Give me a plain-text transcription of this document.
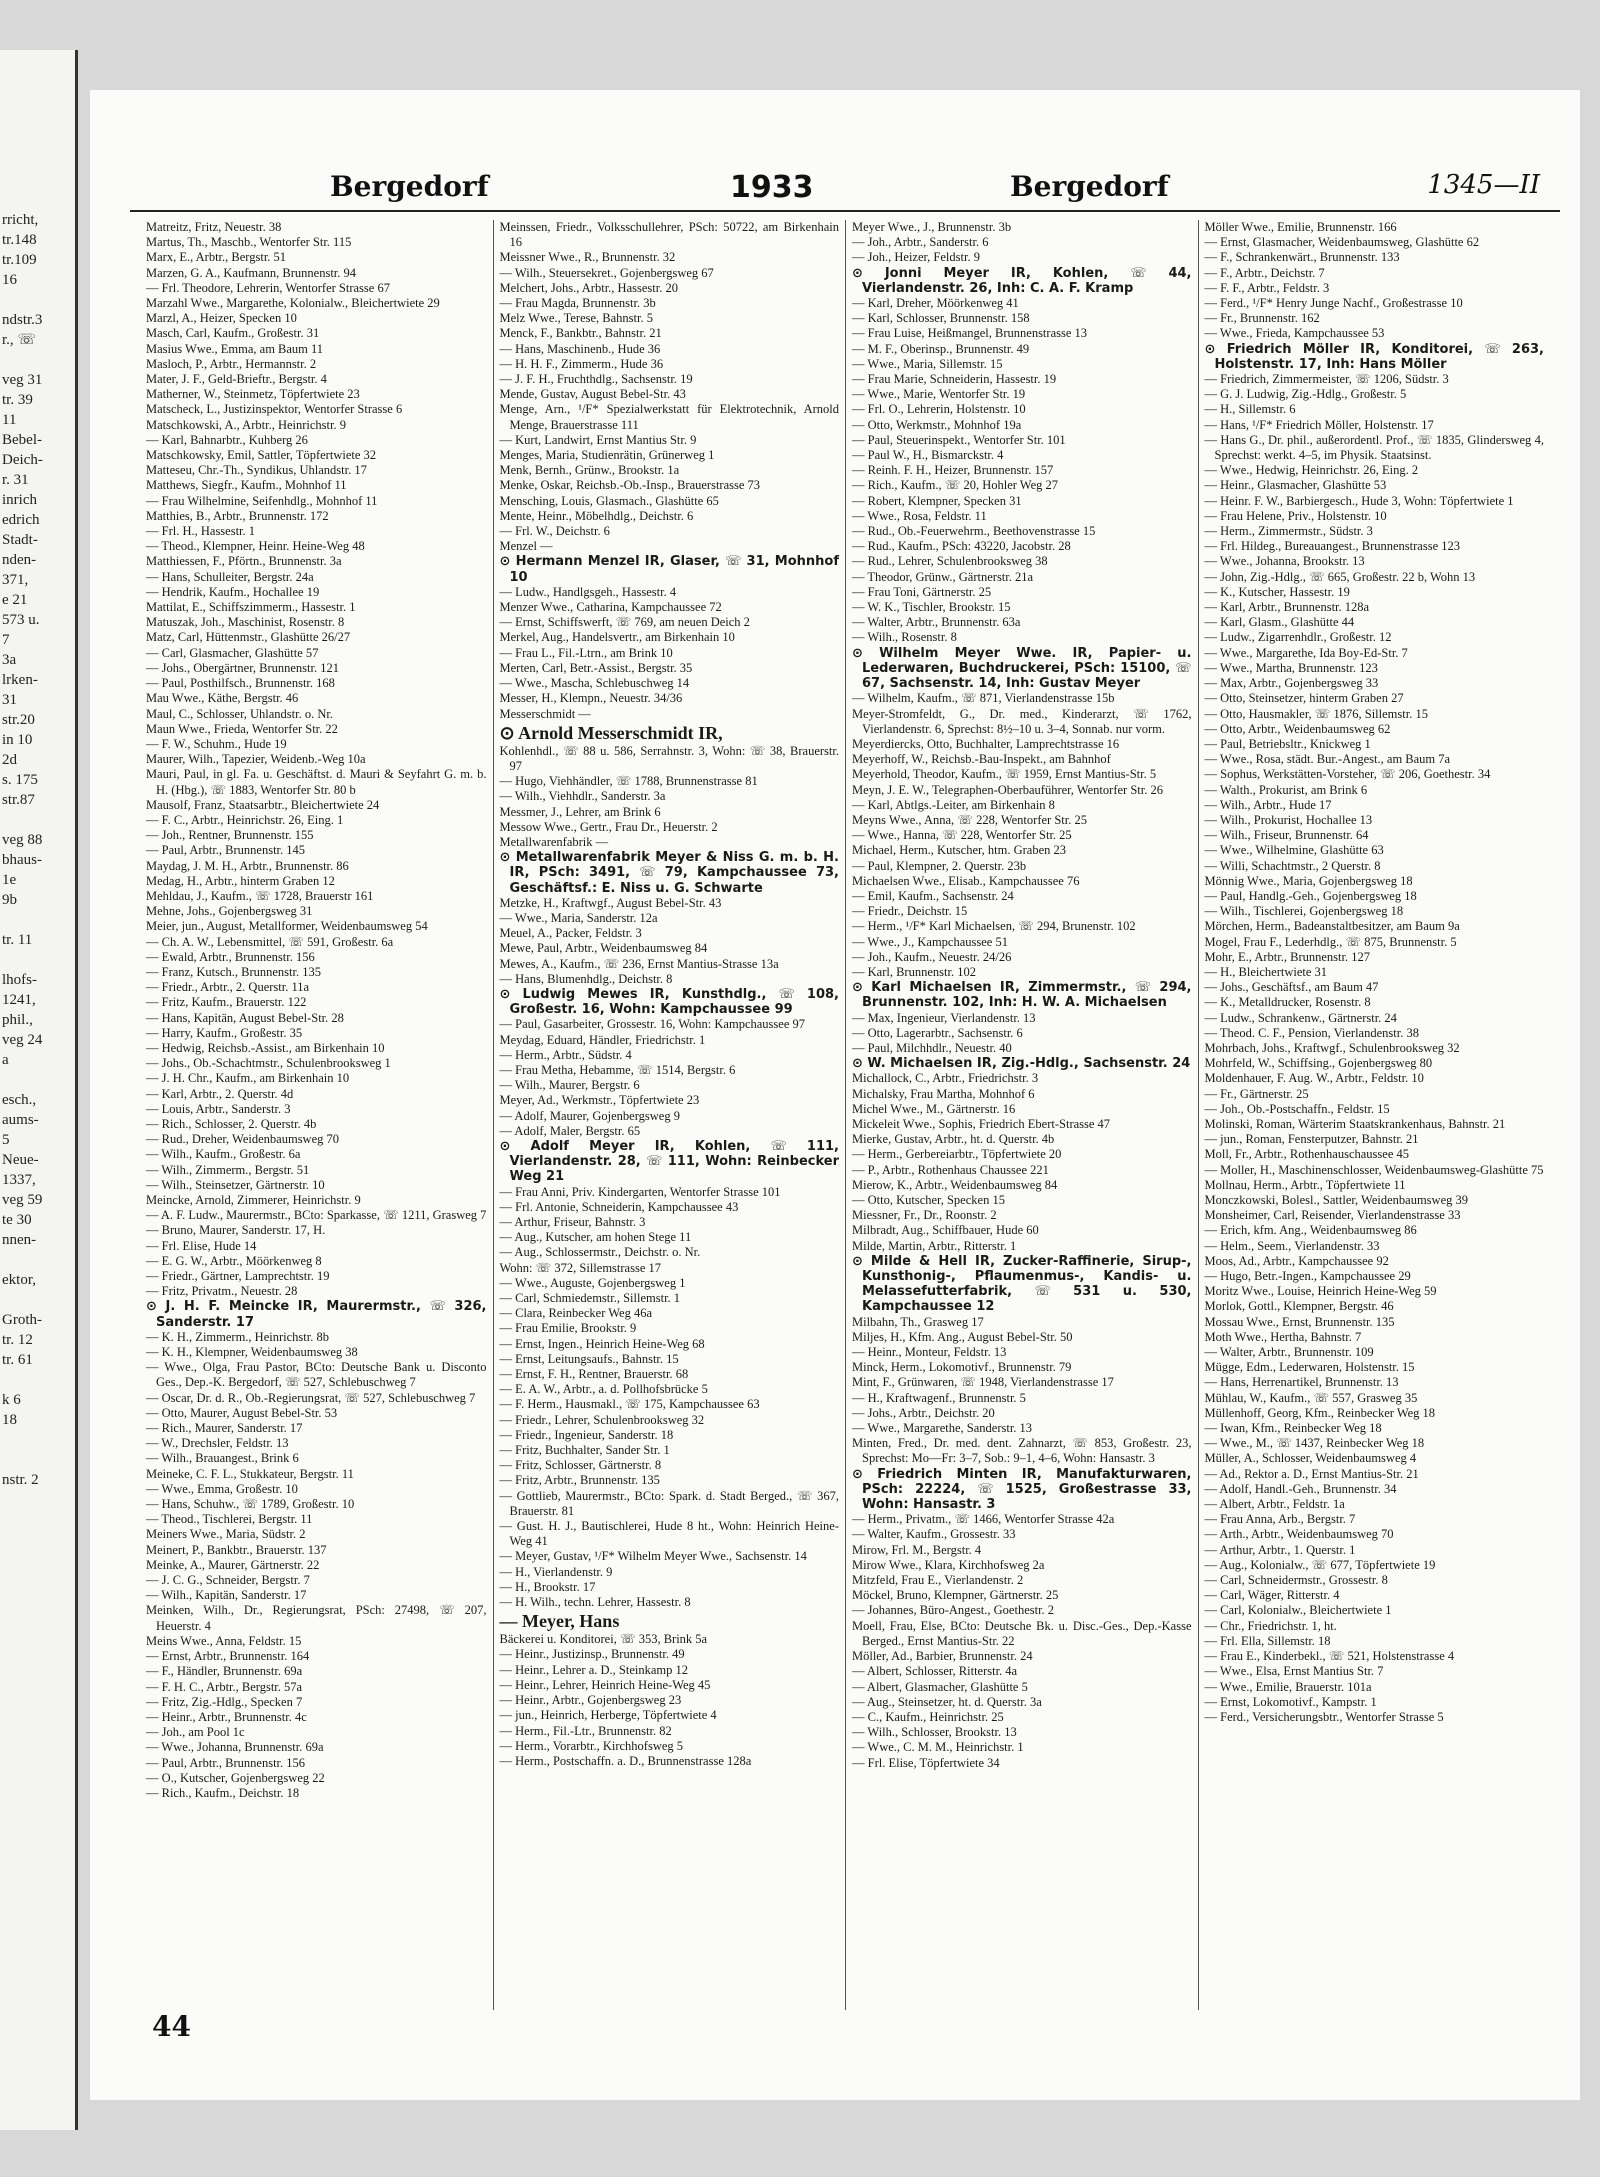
rricht,
tr.148
tr.109
16

ndstr.3
r., ☏

veg 31
tr. 39
11
Bebel-
Deich-
r. 31
inrich
edrich
Stadt-
nden-
371,
e 21
573 u.
7
3a
lrken-
31
str.20
in 10
2d
s. 175
str.87

veg 88
bhaus-
1e
9b

tr. 11

lhofs-
1241,
phil.,
veg 24
a

esch.,
aums-
5
Neue-
1337,
veg 59
te 30
nnen-

ektor,

Groth-
tr. 12
tr. 61

k 6
18

nstr. 2
Bergedorf	1933	Bergedorf	1345—II

Matreitz, Fritz, Neuestr. 38

Martus, Th., Maschb., Wentorfer Str. 115

Marx, E., Arbtr., Bergstr. 51

Marzen, G. A., Kaufmann, Brunnenstr. 94

— Frl. Theodore, Lehrerin, Wentorfer Strasse 67

Marzahl Wwe., Margarethe, Kolonialw., Bleichertwiete 29

Marzl, A., Heizer, Specken 10

Masch, Carl, Kaufm., Großestr. 31

Masius Wwe., Emma, am Baum 11

Masloch, P., Arbtr., Hermannstr. 2

Mater, J. F., Geld-Brieftr., Bergstr. 4

Matherner, W., Steinmetz, Töpfertwiete 23

Matscheck, L., Justizinspektor, Wentorfer Strasse 6

Matschkowski, A., Arbtr., Heinrichstr. 9

— Karl, Bahnarbtr., Kuhberg 26

Matschkowsky, Emil, Sattler, Töpfertwiete 32

Matteseu, Chr.-Th., Syndikus, Uhlandstr. 17

Matthews, Siegfr., Kaufm., Mohnhof 11

— Frau Wilhelmine, Seifenhdlg., Mohnhof 11

Matthies, B., Arbtr., Brunnenstr. 172

— Frl. H., Hassestr. 1

— Theod., Klempner, Heinr. Heine-Weg 48

Matthiessen, F., Pförtn., Brunnenstr. 3a

— Hans, Schulleiter, Bergstr. 24a

— Hendrik, Kaufm., Hochallee 19

Mattilat, E., Schiffszimmerm., Hassestr. 1

Matuszak, Joh., Maschinist, Rosenstr. 8

Matz, Carl, Hüttenmstr., Glashütte 26/27

— Carl, Glasmacher, Glashütte 57

— Johs., Obergärtner, Brunnenstr. 121

— Paul, Posthilfsch., Brunnenstr. 168

Mau Wwe., Käthe, Bergstr. 46

Maul, C., Schlosser, Uhlandstr. o. Nr.

Maun Wwe., Frieda, Wentorfer Str. 22

— F. W., Schuhm., Hude 19

Maurer, Wilh., Tapezier, Weidenb.-Weg 10a

Mauri, Paul, in gl. Fa. u. Geschäftst. d. Mauri & Seyfahrt G. m. b. H. (Hbg.), ☏ 1883, Wentorfer Str. 80 b

Mausolf, Franz, Staatsarbtr., Bleichertwiete 24

— F. C., Arbtr., Heinrichstr. 26, Eing. 1

— Joh., Rentner, Brunnenstr. 155

— Paul, Arbtr., Brunnenstr. 145

Maydag, J. M. H., Arbtr., Brunnenstr. 86

Medag, H., Arbtr., hinterm Graben 12

Mehldau, J., Kaufm., ☏ 1728, Brauerstr 161

Mehne, Johs., Gojenbergsweg 31

Meier, jun., August, Metallformer, Weidenbaumsweg 54

— Ch. A. W., Lebensmittel, ☏ 591, Großestr. 6a

— Ewald, Arbtr., Brunnenstr. 156

— Franz, Kutsch., Brunnenstr. 135

— Friedr., Arbtr., 2. Querstr. 11a

— Fritz, Kaufm., Brauerstr. 122

— Hans, Kapitän, August Bebel-Str. 28

— Harry, Kaufm., Großestr. 35

— Hedwig, Reichsb.-Assist., am Birkenhain 10

— Johs., Ob.-Schachtmstr., Schulenbrooksweg 1

— J. H. Chr., Kaufm., am Birkenhain 10

— Karl, Arbtr., 2. Querstr. 4d

— Louis, Arbtr., Sanderstr. 3

— Rich., Schlosser, 2. Querstr. 4b

— Rud., Dreher, Weidenbaumsweg 70

— Wilh., Kaufm., Großestr. 6a

— Wilh., Zimmerm., Bergstr. 51

— Wilh., Steinsetzer, Gärtnerstr. 10

Meincke, Arnold, Zimmerer, Heinrichstr. 9

— A. F. Ludw., Maurermstr., BCto: Sparkasse, ☏ 1211, Grasweg 7

— Bruno, Maurer, Sanderstr. 17, H.

— Frl. Elise, Hude 14

— E. G. W., Arbtr., Möörkenweg 8

— Friedr., Gärtner, Lamprechtstr. 19

— Fritz, Privatm., Neuestr. 28

⊙ J. H. F. Meincke IR, Maurermstr., ☏ 326, Sanderstr. 17

— K. H., Zimmerm., Heinrichstr. 8b

— K. H., Klempner, Weidenbaumsweg 38

— Wwe., Olga, Frau Pastor, BCto: Deutsche Bank u. Disconto Ges., Dep.-K. Bergedorf, ☏ 527, Schlebuschweg 7

— Oscar, Dr. d. R., Ob.-Regierungsrat, ☏ 527, Schlebuschweg 7

— Otto, Maurer, August Bebel-Str. 53

— Rich., Maurer, Sanderstr. 17

— W., Drechsler, Feldstr. 13

— Wilh., Brauangest., Brink 6

Meineke, C. F. L., Stukkateur, Bergstr. 11

— Wwe., Emma, Großestr. 10

— Hans, Schuhw., ☏ 1789, Großestr. 10

— Theod., Tischlerei, Bergstr. 11

Meiners Wwe., Maria, Südstr. 2

Meinert, P., Bankbtr., Brauerstr. 137

Meinke, A., Maurer, Gärtnerstr. 22

— J. C. G., Schneider, Bergstr. 7

— Wilh., Kapitän, Sanderstr. 17

Meinken, Wilh., Dr., Regierungsrat, PSch: 27498, ☏ 207, Heuerstr. 4

Meins Wwe., Anna, Feldstr. 15

— Ernst, Arbtr., Brunnenstr. 164

— F., Händler, Brunnenstr. 69a

— F. H. C., Arbtr., Bergstr. 57a

— Fritz, Zig.-Hdlg., Specken 7

— Heinr., Arbtr., Brunnenstr. 4c

— Joh., am Pool 1c

— Wwe., Johanna, Brunnenstr. 69a

— Paul, Arbtr., Brunnenstr. 156

— O., Kutscher, Gojenbergsweg 22

— Rich., Kaufm., Deichstr. 18

Meinssen, Friedr., Volksschullehrer, PSch: 50722, am Birkenhain 16

Meissner Wwe., R., Brunnenstr. 32

— Wilh., Steuersekret., Gojenbergsweg 67

Melchert, Johs., Arbtr., Hassestr. 20

— Frau Magda, Brunnenstr. 3b

Melz Wwe., Terese, Bahnstr. 5

Menck, F., Bankbtr., Bahnstr. 21

— Hans, Maschinenb., Hude 36

— H. H. F., Zimmerm., Hude 36

— J. F. H., Fruchthdlg., Sachsenstr. 19

Mende, Gustav, August Bebel-Str. 43

Menge, Arn., ¹/F* Spezialwerkstatt für Elektrotechnik, Arnold Menge, Brauerstrasse 111

— Kurt, Landwirt, Ernst Mantius Str. 9

Menges, Maria, Studienrätin, Grünerweg 1

Menk, Bernh., Grünw., Brookstr. 1a

Menke, Oskar, Reichsb.-Ob.-Insp., Brauerstrasse 73

Mensching, Louis, Glasmach., Glashütte 65

Mente, Heinr., Möbelhdlg., Deichstr. 6

— Frl. W., Deichstr. 6

Menzel —

⊙ Hermann Menzel IR, Glaser, ☏ 31, Mohnhof 10

— Ludw., Handlgsgeh., Hassestr. 4

Menzer Wwe., Catharina, Kampchaussee 72

— Ernst, Schiffswerft, ☏ 769, am neuen Deich 2

Merkel, Aug., Handelsvertr., am Birkenhain 10

— Frau L., Fil.-Ltrn., am Brink 10

Merten, Carl, Betr.-Assist., Bergstr. 35

— Wwe., Mascha, Schlebuschweg 14

Messer, H., Klempn., Neuestr. 34/36

Messerschmidt —

⊙ Arnold Messerschmidt IR,

Kohlenhdl., ☏ 88 u. 586, Serrahnstr. 3, Wohn: ☏ 38, Brauerstr. 97

— Hugo, Viehhändler, ☏ 1788, Brunnenstrasse 81

— Wilh., Viehhdlr., Sanderstr. 3a

Messmer, J., Lehrer, am Brink 6

Messow Wwe., Gertr., Frau Dr., Heuerstr. 2

Metallwarenfabrik —

⊙ Metallwarenfabrik Meyer & Niss G. m. b. H. IR, PSch: 3491, ☏ 79, Kampchaussee 73, Geschäftsf.: E. Niss u. G. Schwarte

Metzke, H., Kraftwgf., August Bebel-Str. 43

— Wwe., Maria, Sanderstr. 12a

Meuel, A., Packer, Feldstr. 3

Mewe, Paul, Arbtr., Weidenbaumsweg 84

Mewes, A., Kaufm., ☏ 236, Ernst Mantius-Strasse 13a

— Hans, Blumenhdlg., Deichstr. 8

⊙ Ludwig Mewes IR, Kunsthdlg., ☏ 108, Großestr. 16, Wohn: Kampchaussee 99

— Paul, Gasarbeiter, Grossestr. 16, Wohn: Kampchaussee 97

Meydag, Eduard, Händler, Friedrichstr. 1

— Herm., Arbtr., Südstr. 4

— Frau Metha, Hebamme, ☏ 1514, Bergstr. 6

— Wilh., Maurer, Bergstr. 6

Meyer, Ad., Werkmstr., Töpfertwiete 23

— Adolf, Maurer, Gojenbergsweg 9

— Adolf, Maler, Bergstr. 65

⊙ Adolf Meyer IR, Kohlen, ☏ 111, Vierlandenstr. 28, ☏ 111, Wohn: Reinbecker Weg 21

— Frau Anni, Priv. Kindergarten, Wentorfer Strasse 101

— Frl. Antonie, Schneiderin, Kampchaussee 43

— Arthur, Friseur, Bahnstr. 3

— Aug., Kutscher, am hohen Stege 11

— Aug., Schlossermstr., Deichstr. o. Nr.

Wohn: ☏ 372, Sillemstrasse 17

— Wwe., Auguste, Gojenbergsweg 1

— Carl, Schmiedemstr., Sillemstr. 1

— Clara, Reinbecker Weg 46a

— Frau Emilie, Brookstr. 9

— Ernst, Ingen., Heinrich Heine-Weg 68

— Ernst, Leitungsaufs., Bahnstr. 15

— Ernst, F. H., Rentner, Brauerstr. 68

— E. A. W., Arbtr., a. d. Pollhofsbrücke 5

— F. Herm., Hausmakl., ☏ 175, Kampchaussee 63

— Friedr., Lehrer, Schulenbrooksweg 32

— Friedr., Ingenieur, Sanderstr. 18

— Fritz, Buchhalter, Sander Str. 1

— Fritz, Schlosser, Gärtnerstr. 8

— Fritz, Arbtr., Brunnenstr. 135

— Gottlieb, Maurermstr., BCto: Spark. d. Stadt Berged., ☏ 367, Brauerstr. 81

— Gust. H. J., Bautischlerei, Hude 8 ht., Wohn: Heinrich Heine-Weg 41

— Meyer, Gustav, ¹/F* Wilhelm Meyer Wwe., Sachsenstr. 14

— H., Vierlandenstr. 9

— H., Brookstr. 17

— H. Wilh., techn. Lehrer, Hassestr. 8

— Meyer, Hans

Bäckerei u. Konditorei, ☏ 353, Brink 5a

— Heinr., Justizinsp., Brunnenstr. 49

— Heinr., Lehrer a. D., Steinkamp 12

— Heinr., Lehrer, Heinrich Heine-Weg 45

— Heinr., Arbtr., Gojenbergsweg 23

— jun., Heinrich, Herberge, Töpfertwiete 4

— Herm., Fil.-Ltr., Brunnenstr. 82

— Herm., Vorarbtr., Kirchhofsweg 5

— Herm., Postschaffn. a. D., Brunnenstrasse 128a

Meyer Wwe., J., Brunnenstr. 3b

— Joh., Arbtr., Sanderstr. 6

— Joh., Heizer, Feldstr. 9

⊙ Jonni Meyer IR, Kohlen, ☏ 44, Vierlandenstr. 26, Inh: C. A. F. Kramp

— Karl, Dreher, Möörkenweg 41

— Karl, Schlosser, Brunnenstr. 158

— Frau Luise, Heißmangel, Brunnenstrasse 13

— M. F., Oberinsp., Brunnenstr. 49

— Wwe., Maria, Sillemstr. 15

— Frau Marie, Schneiderin, Hassestr. 19

— Wwe., Marie, Wentorfer Str. 19

— Frl. O., Lehrerin, Holstenstr. 10

— Otto, Werkmstr., Mohnhof 19a

— Paul, Steuerinspekt., Wentorfer Str. 101

— Paul W., H., Bismarckstr. 4

— Reinh. F. H., Heizer, Brunnenstr. 157

— Rich., Kaufm., ☏ 20, Hohler Weg 27

— Robert, Klempner, Specken 31

— Wwe., Rosa, Feldstr. 11

— Rud., Ob.-Feuerwehrm., Beethovenstrasse 15

— Rud., Kaufm., PSch: 43220, Jacobstr. 28

— Rud., Lehrer, Schulenbrooksweg 38

— Theodor, Grünw., Gärtnerstr. 21a

— Frau Toni, Gärtnerstr. 25

— W. K., Tischler, Brookstr. 15

— Walter, Arbtr., Brunnenstr. 63a

— Wilh., Rosenstr. 8

⊙ Wilhelm Meyer Wwe. IR, Papier- u. Lederwaren, Buchdruckerei, PSch: 15100, ☏ 67, Sachsenstr. 14, Inh: Gustav Meyer

— Wilhelm, Kaufm., ☏ 871, Vierlandenstrasse 15b

Meyer-Stromfeldt, G., Dr. med., Kinderarzt, ☏ 1762, Vierlandenstr. 6, Sprechst: 8½–10 u. 3–4, Sonnab. nur vorm.

Meyerdiercks, Otto, Buchhalter, Lamprechtstrasse 16

Meyerhoff, W., Reichsb.-Bau-Inspekt., am Bahnhof

Meyerhold, Theodor, Kaufm., ☏ 1959, Ernst Mantius-Str. 5

Meyn, J. E. W., Telegraphen-Oberbauführer, Wentorfer Str. 26

— Karl, Abtlgs.-Leiter, am Birkenhain 8

Meyns Wwe., Anna, ☏ 228, Wentorfer Str. 25

— Wwe., Hanna, ☏ 228, Wentorfer Str. 25

Michael, Herm., Kutscher, htm. Graben 23

— Paul, Klempner, 2. Querstr. 23b

Michaelsen Wwe., Elisab., Kampchaussee 76

— Emil, Kaufm., Sachsenstr. 24

— Friedr., Deichstr. 15

— Herm., ¹/F* Karl Michaelsen, ☏ 294, Brunenstr. 102

— Wwe., J., Kampchaussee 51

— Joh., Kaufm., Neuestr. 24/26

— Karl, Brunnenstr. 102

⊙ Karl Michaelsen IR, Zimmermstr., ☏ 294, Brunnenstr. 102, Inh: H. W. A. Michaelsen

— Max, Ingenieur, Vierlandenstr. 13

— Otto, Lagerarbtr., Sachsenstr. 6

— Paul, Milchhdlr., Neuestr. 40

⊙ W. Michaelsen IR, Zig.-Hdlg., Sachsenstr. 24

Michallock, C., Arbtr., Friedrichstr. 3

Michalsky, Frau Martha, Mohnhof 6

Michel Wwe., M., Gärtnerstr. 16

Mickeleit Wwe., Sophis, Friedrich Ebert-Strasse 47

Mierke, Gustav, Arbtr., ht. d. Querstr. 4b

— Herm., Gerbereiarbtr., Töpfertwiete 20

— P., Arbtr., Rothenhaus Chaussee 221

Mierow, K., Arbtr., Weidenbaumsweg 84

— Otto, Kutscher, Specken 15

Miessner, Fr., Dr., Roonstr. 2

Milbradt, Aug., Schiffbauer, Hude 60

Milde, Martin, Arbtr., Ritterstr. 1

⊙ Milde & Hell IR, Zucker-Raffinerie, Sirup-, Kunsthonig-, Pflaumenmus-, Kandis- u. Melassefutterfabrik, ☏ 531 u. 530, Kampchaussee 12

Milbahn, Th., Grasweg 17

Miljes, H., Kfm. Ang., August Bebel-Str. 50

— Heinr., Monteur, Feldstr. 13

Minck, Herm., Lokomotivf., Brunnenstr. 79

Mint, F., Grünwaren, ☏ 1948, Vierlandenstrasse 17

— H., Kraftwagenf., Brunnenstr. 5

— Johs., Arbtr., Deichstr. 20

— Wwe., Margarethe, Sanderstr. 13

Minten, Fred., Dr. med. dent. Zahnarzt, ☏ 853, Großestr. 23, Sprechst: Mo—Fr: 3–7, Sob.: 9–1, 4–6, Wohn: Hansastr. 3

⊙ Friedrich Minten IR, Manufakturwaren, PSch: 22224, ☏ 1525, Großestrasse 33, Wohn: Hansastr. 3

— Herm., Privatm., ☏ 1466, Wentorfer Strasse 42a

— Walter, Kaufm., Grossestr. 33

Mirow, Frl. M., Bergstr. 4

Mirow Wwe., Klara, Kirchhofsweg 2a

Mitzfeld, Frau E., Vierlandenstr. 2

Möckel, Bruno, Klempner, Gärtnerstr. 25

— Johannes, Büro-Angest., Goethestr. 2

Moell, Frau, Else, BCto: Deutsche Bk. u. Disc.-Ges., Dep.-Kasse Berged., Ernst Mantius-Str. 22

Möller, Ad., Barbier, Brunnenstr. 24

— Albert, Schlosser, Ritterstr. 4a

— Albert, Glasmacher, Glashütte 5

— Aug., Steinsetzer, ht. d. Querstr. 3a

— C., Kaufm., Heinrichstr. 25

— Wilh., Schlosser, Brookstr. 13

— Wwe., C. M. M., Heinrichstr. 1

— Frl. Elise, Töpfertwiete 34

Möller Wwe., Emilie, Brunnenstr. 166

— Ernst, Glasmacher, Weidenbaumsweg, Glashütte 62

— F., Schrankenwärt., Brunnenstr. 133

— F., Arbtr., Deichstr. 7

— F. F., Arbtr., Feldstr. 3

— Ferd., ¹/F* Henry Junge Nachf., Großestrasse 10

— Fr., Brunnenstr. 162

— Wwe., Frieda, Kampchaussee 53

⊙ Friedrich Möller IR, Konditorei, ☏ 263, Holstenstr. 17, Inh: Hans Möller

— Friedrich, Zimmermeister, ☏ 1206, Südstr. 3

— G. J. Ludwig, Zig.-Hdlg., Großestr. 5

— H., Sillemstr. 6

— Hans, ¹/F* Friedrich Möller, Holstenstr. 17

— Hans G., Dr. phil., außerordentl. Prof., ☏ 1835, Glindersweg 4, Sprechst: werkt. 4–5, im Physik. Staatsinst.

— Wwe., Hedwig, Heinrichstr. 26, Eing. 2

— Heinr., Glasmacher, Glashütte 53

— Heinr. F. W., Barbiergesch., Hude 3, Wohn: Töpfertwiete 1

— Frau Helene, Priv., Holstenstr. 10

— Herm., Zimmermstr., Südstr. 3

— Frl. Hildeg., Bureauangest., Brunnenstrasse 123

— Wwe., Johanna, Brookstr. 13

— John, Zig.-Hdlg., ☏ 665, Großestr. 22 b, Wohn 13

— K., Kutscher, Hassestr. 19

— Karl, Arbtr., Brunnenstr. 128a

— Karl, Glasm., Glashütte 44

— Ludw., Zigarrenhdlr., Großestr. 12

— Wwe., Margarethe, Ida Boy-Ed-Str. 7

— Wwe., Martha, Brunnenstr. 123

— Max, Arbtr., Gojenbergsweg 33

— Otto, Steinsetzer, hinterm Graben 27

— Otto, Hausmakler, ☏ 1876, Sillemstr. 15

— Otto, Arbtr., Weidenbaumsweg 62

— Paul, Betriebsltr., Knickweg 1

— Wwe., Rosa, städt. Bur.-Angest., am Baum 7a

— Sophus, Werkstätten-Vorsteher, ☏ 206, Goethestr. 34

— Walth., Prokurist, am Brink 6

— Wilh., Arbtr., Hude 17

— Wilh., Prokurist, Hochallee 13

— Wilh., Friseur, Brunnenstr. 64

— Wwe., Wilhelmine, Glashütte 63

— Willi, Schachtmstr., 2 Querstr. 8

Mönnig Wwe., Maria, Gojenbergsweg 18

— Paul, Handlg.-Geh., Gojenbergsweg 18

— Wilh., Tischlerei, Gojenbergsweg 18

Mörchen, Herm., Badeanstaltbesitzer, am Baum 9a

Mogel, Frau F., Lederhdlg., ☏ 875, Brunnenstr. 5

Mohr, E., Arbtr., Brunnenstr. 127

— H., Bleichertwiete 31

— Johs., Geschäftsf., am Baum 47

— K., Metalldrucker, Rosenstr. 8

— Ludw., Schrankenw., Gärtnerstr. 24

— Theod. C. F., Pension, Vierlandenstr. 38

Mohrbach, Johs., Kraftwgf., Schulenbrooksweg 32

Mohrfeld, W., Schiffsing., Gojenbergsweg 80

Moldenhauer, F. Aug. W., Arbtr., Feldstr. 10

— Fr., Gärtnerstr. 25

— Joh., Ob.-Postschaffn., Feldstr. 15

Molinski, Roman, Wärterim Staatskrankenhaus, Bahnstr. 21

— jun., Roman, Fensterputzer, Bahnstr. 21

Moll, Fr., Arbtr., Rothenhauschaussee 45

— Moller, H., Maschinenschlosser, Weidenbaumsweg-Glashütte 75

Mollnau, Herm., Arbtr., Töpfertwiete 11

Monczkowski, Bolesl., Sattler, Weidenbaumsweg 39

Monsheimer, Carl, Reisender, Vierlandenstrasse 33

— Erich, kfm. Ang., Weidenbaumsweg 86

— Helm., Seem., Vierlandenstr. 33

Moos, Ad., Arbtr., Kampchaussee 92

— Hugo, Betr.-Ingen., Kampchaussee 29

Moritz Wwe., Louise, Heinrich Heine-Weg 59

Morlok, Gottl., Klempner, Bergstr. 46

Mossau Wwe., Ernst, Brunnenstr. 135

Moth Wwe., Hertha, Bahnstr. 7

— Walter, Arbtr., Brunnenstr. 109

Mügge, Edm., Lederwaren, Holstenstr. 15

— Hans, Herrenartikel, Brunnenstr. 13

Mühlau, W., Kaufm., ☏ 557, Grasweg 35

Müllenhoff, Georg, Kfm., Reinbecker Weg 18

— Iwan, Kfm., Reinbecker Weg 18

— Wwe., M., ☏ 1437, Reinbecker Weg 18

Müller, A., Schlosser, Weidenbaumsweg 4

— Ad., Rektor a. D., Ernst Mantius-Str. 21

— Adolf, Handl.-Geh., Brunnenstr. 34

— Albert, Arbtr., Feldstr. 1a

— Frau Anna, Arb., Bergstr. 7

— Arth., Arbtr., Weidenbaumsweg 70

— Arthur, Arbtr., 1. Querstr. 1

— Aug., Kolonialw., ☏ 677, Töpfertwiete 19

— Carl, Schneidermstr., Grossestr. 8

— Carl, Wäger, Ritterstr. 4

— Carl, Kolonialw., Bleichertwiete 1

— Chr., Friedrichstr. 1, ht.

— Frl. Ella, Sillemstr. 18

— Frau E., Kinderbekl., ☏ 521, Holstenstrasse 4

— Wwe., Elsa, Ernst Mantius Str. 7

— Wwe., Emilie, Brauerstr. 101a

— Ernst, Lokomotivf., Kampstr. 1

— Ferd., Versicherungsbtr., Wentorfer Strasse 5

44
